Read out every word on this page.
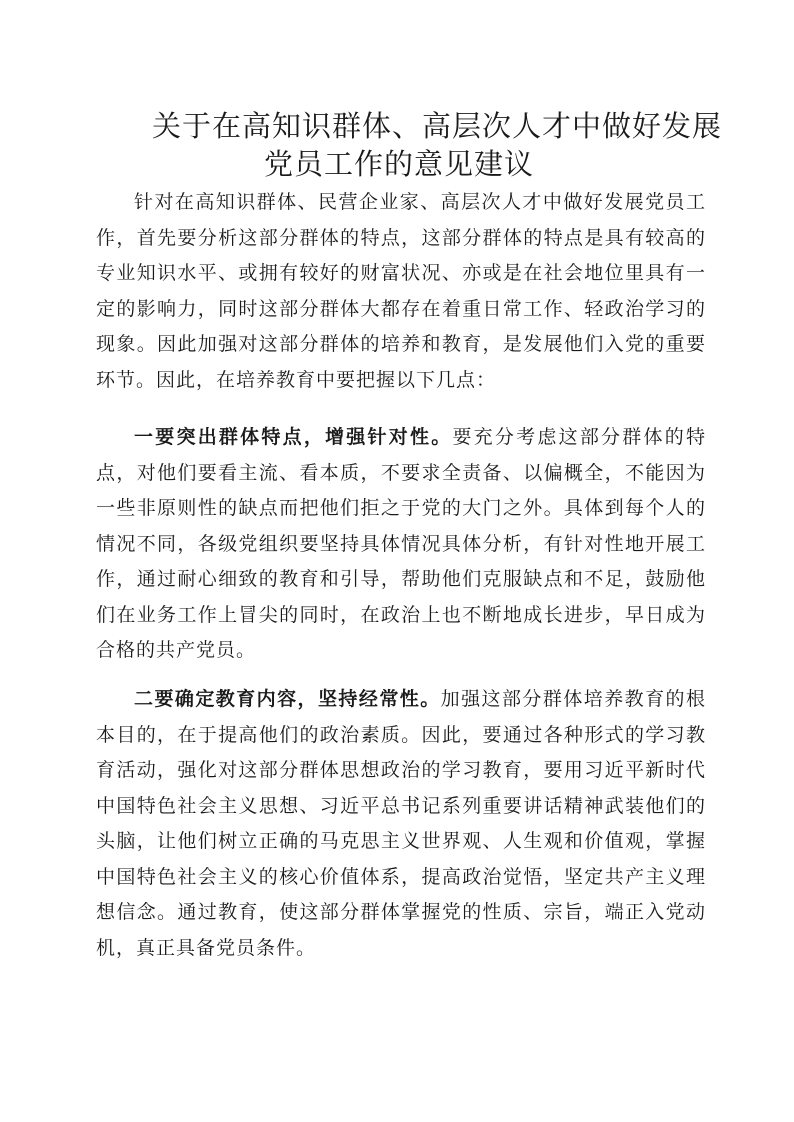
关于在高知识群体、高层次人才中做好发展
党员工作的意见建议

针对在高知识群体、民营企业家、高层次人才中做好发展党员工作，首先要分析这部分群体的特点，这部分群体的特点是具有较高的专业知识水平、或拥有较好的财富状况、亦或是在社会地位里具有一定的影响力，同时这部分群体大都存在着重日常工作、轻政治学习的现象。因此加强对这部分群体的培养和教育，是发展他们入党的重要环节。因此，在培养教育中要把握以下几点：

一要突出群体特点，增强针对性。要充分考虑这部分群体的特点，对他们要看主流、看本质，不要求全责备、以偏概全，不能因为一些非原则性的缺点而把他们拒之于党的大门之外。具体到每个人的情况不同，各级党组织要坚持具体情况具体分析，有针对性地开展工作，通过耐心细致的教育和引导，帮助他们克服缺点和不足，鼓励他们在业务工作上冒尖的同时，在政治上也不断地成长进步，早日成为合格的共产党员。

二要确定教育内容，坚持经常性。加强这部分群体培养教育的根本目的，在于提高他们的政治素质。因此，要通过各种形式的学习教育活动，强化对这部分群体思想政治的学习教育，要用习近平新时代中国特色社会主义思想、习近平总书记系列重要讲话精神武装他们的头脑，让他们树立正确的马克思主义世界观、人生观和价值观，掌握中国特色社会主义的核心价值体系，提高政治觉悟，坚定共产主义理想信念。通过教育，使这部分群体掌握党的性质、宗旨，端正入党动机，真正具备党员条件。
